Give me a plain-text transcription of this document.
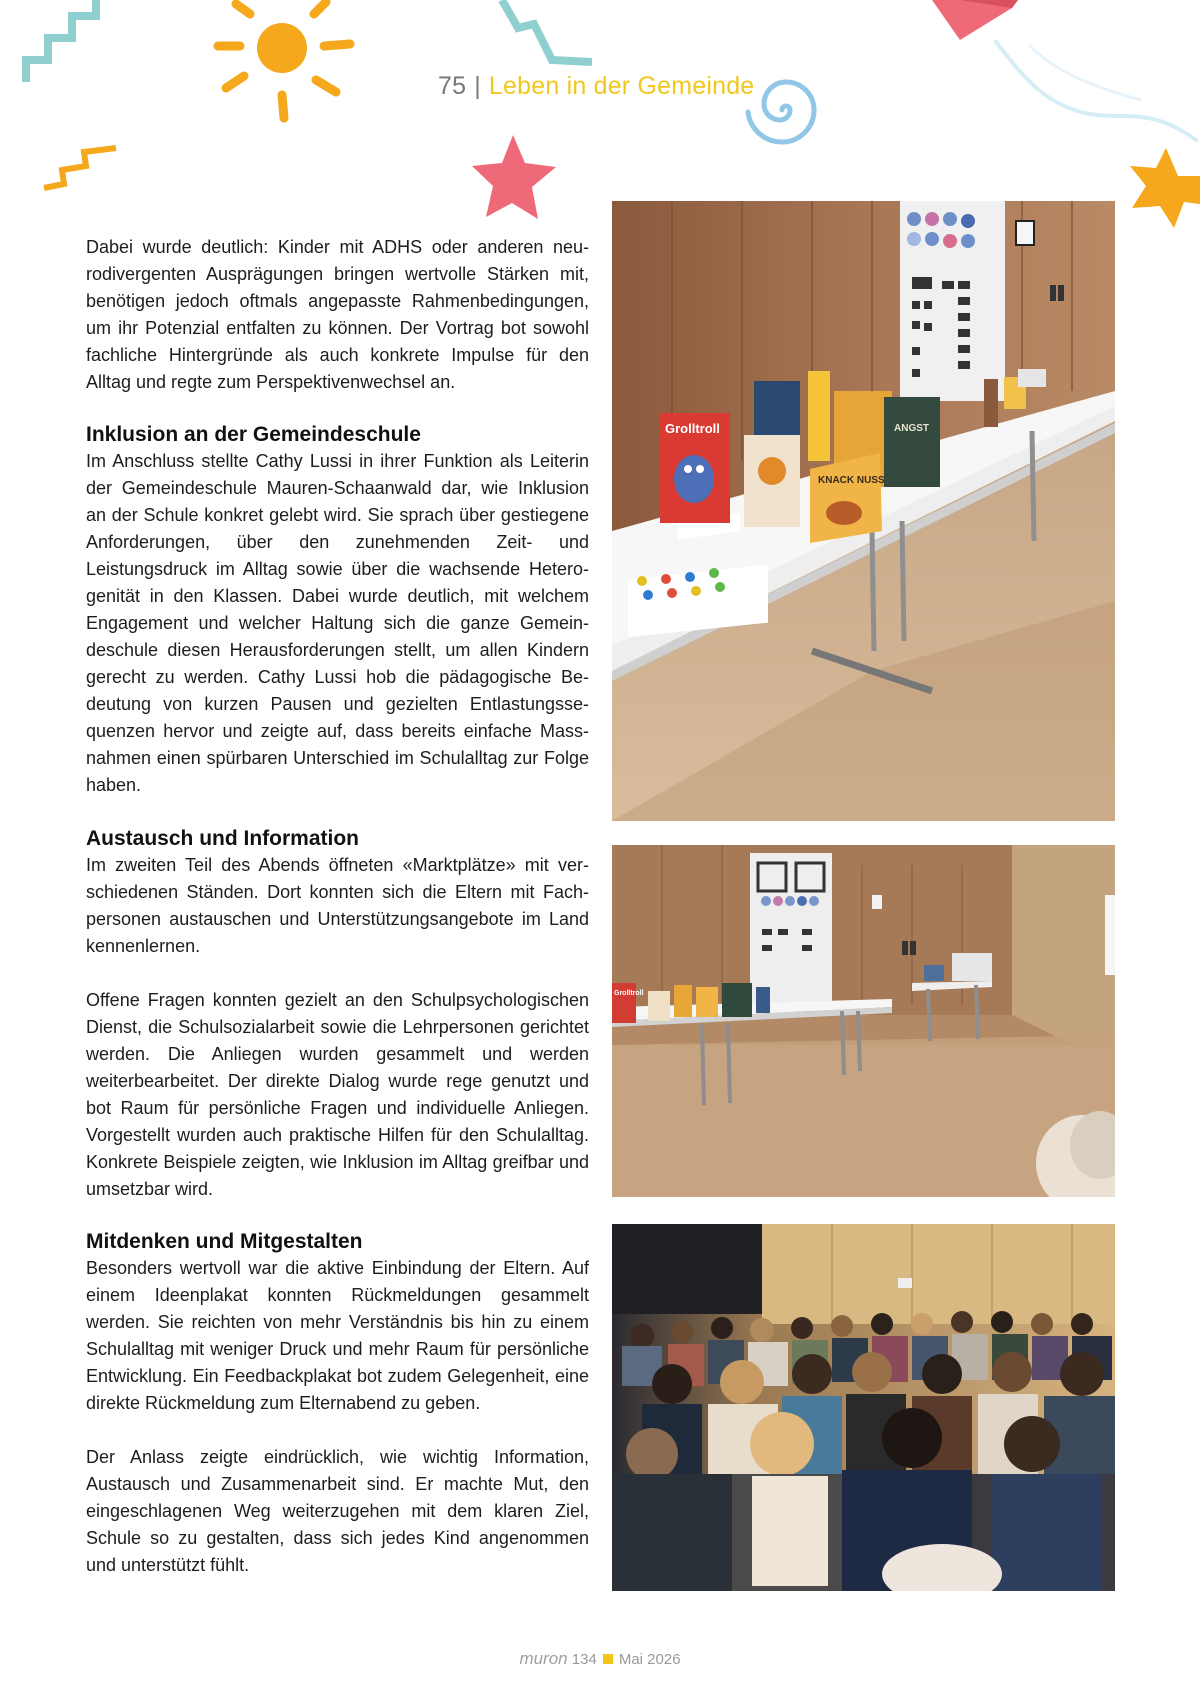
75 | Leben in der Gemeinde

Dabei wurde deutlich: Kinder mit ADHS oder anderen neurodivergenten Ausprägungen bringen wertvolle Stärken mit, benötigen jedoch oftmals angepasste Rahmenbedingungen, um ihr Potenzial entfalten zu können. Der Vortrag bot sowohl fachliche Hintergründe als auch konkrete Impulse für den Alltag und regte zum Perspektivenwechsel an.

Inklusion an der Gemeindeschule

Im Anschluss stellte Cathy Lussi in ihrer Funktion als Leiterin der Gemeindeschule Mauren-Schaanwald dar, wie Inklusion an der Schule konkret gelebt wird. Sie sprach über gestiegene Anforderungen, über den zunehmenden Zeit- und Leistungsdruck im Alltag sowie über die wachsende Heterogenität in den Klassen. Dabei wurde deutlich, mit welchem Engagement und welcher Haltung sich die ganze Gemeindeschule diesen Herausforderungen stellt, um allen Kindern gerecht zu werden. Cathy Lussi hob die pädagogische Bedeutung von kurzen Pausen und gezielten Entlastungssequenzen hervor und zeigte auf, dass bereits einfache Massnahmen einen spürbaren Unterschied im Schulalltag zur Folge haben.

Austausch und Information

Im zweiten Teil des Abends öffneten «Marktplätze» mit verschiedenen Ständen. Dort konnten sich die Eltern mit Fachpersonen austauschen und Unterstützungsangebote im Land kennenlernen.

Offene Fragen konnten gezielt an den Schulpsychologischen Dienst, die Schulsozialarbeit sowie die Lehrpersonen gerichtet werden. Die Anliegen wurden gesammelt und werden weiterbearbeitet. Der direkte Dialog wurde rege genutzt und bot Raum für persönliche Fragen und individuelle Anliegen. Vorgestellt wurden auch praktische Hilfen für den Schulalltag. Konkrete Beispiele zeigten, wie Inklusion im Alltag greifbar und umsetzbar wird.

Mitdenken und Mitgestalten

Besonders wertvoll war die aktive Einbindung der Eltern. Auf einem Ideenplakat konnten Rückmeldungen gesammelt werden. Sie reichten von mehr Verständnis bis hin zu einem Schulalltag mit weniger Druck und mehr Raum für persönliche Entwicklung. Ein Feedbackplakat bot zudem Gelegenheit, eine direkte Rückmeldung zum Elternabend zu geben.

Der Anlass zeigte eindrücklich, wie wichtig Information, Austausch und Zusammenarbeit sind. Er machte Mut, den eingeschlagenen Weg weiterzugehen mit dem klaren Ziel, Schule so zu gestalten, dass sich jedes Kind angenommen und unterstützt fühlt.

Grolltroll	ANGST
KNACK NUSS
Grolltroll
muron 134 Mai 2026
